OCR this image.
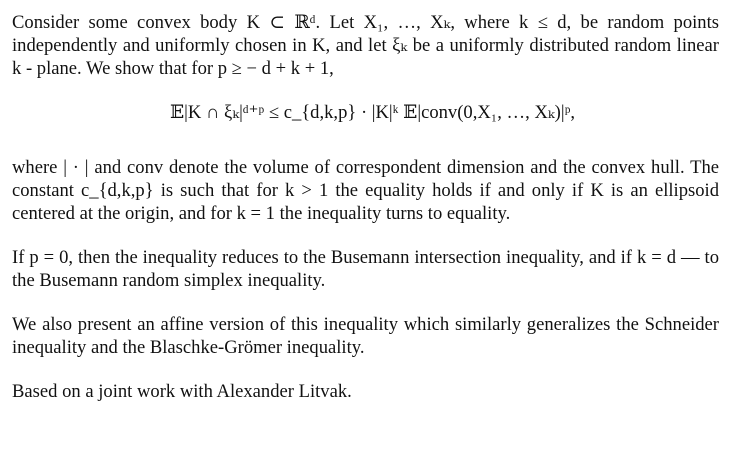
Consider some convex body K ⊂ ℝᵈ. Let X₁, …, Xₖ, where k ≤ d, be random points independently and uniformly chosen in K, and let ξₖ be a uniformly distributed random linear k - plane. We show that for p ≥ − d + k + 1,

𝔼|K ∩ ξₖ|ᵈ⁺ᵖ ≤ c_{d,k,p} · |K|ᵏ 𝔼|conv(0,X₁, …, Xₖ)|ᵖ,

where | · | and conv denote the volume of correspondent dimension and the convex hull. The constant c_{d,k,p} is such that for k > 1 the equality holds if and only if K is an ellipsoid centered at the origin, and for k = 1 the inequality turns to equality.

If p = 0, then the inequality reduces to the Busemann intersection inequality, and if k = d — to the Busemann random simplex inequality.

We also present an affine version of this inequality which similarly generalizes the Schneider inequality and the Blaschke-Grömer inequality.

Based on a joint work with Alexander Litvak.
